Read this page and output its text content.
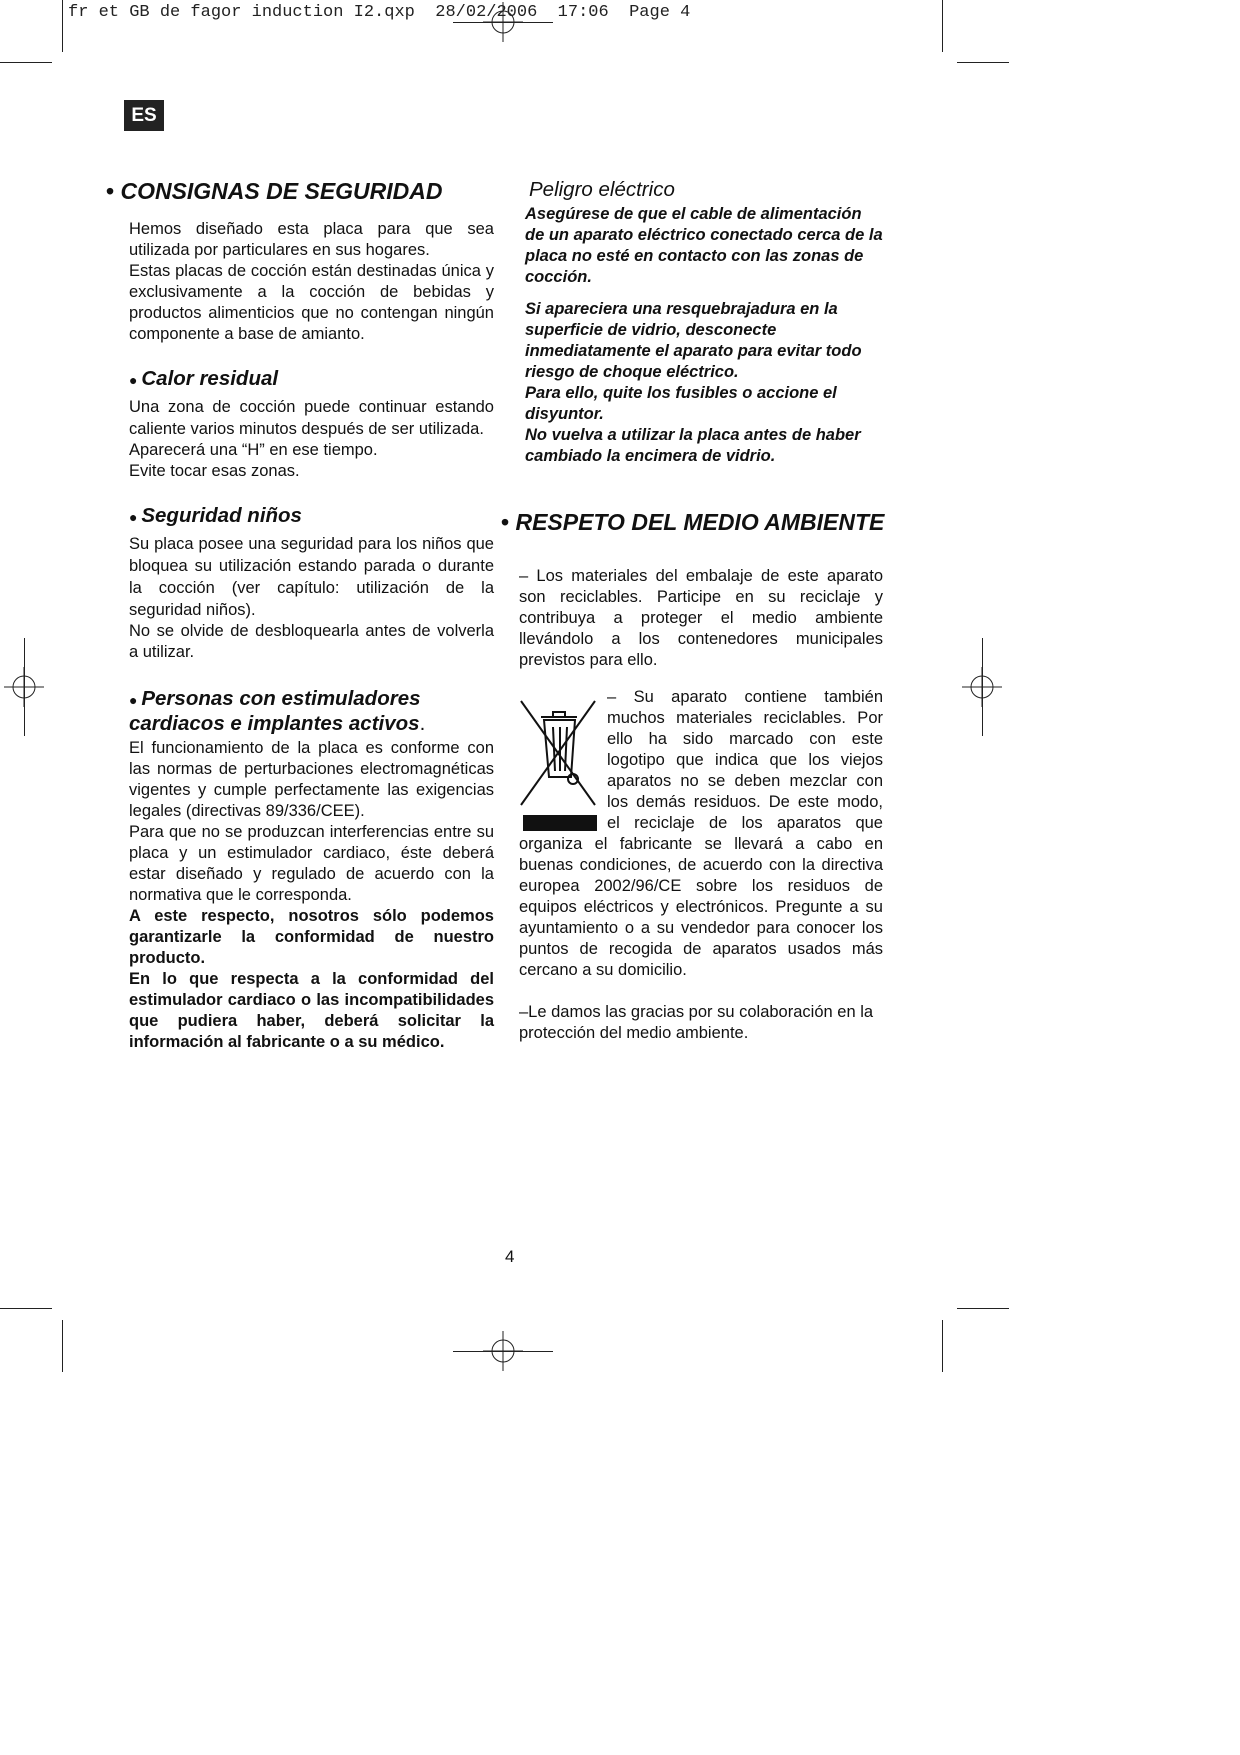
fr et GB de fagor induction I2.qxp  28/02/2006  17:06  Page 4
ES
• CONSIGNAS DE SEGURIDAD

Hemos diseñado esta placa para que sea utilizada por particulares en sus hogares.

Estas placas de cocción están destinadas única y exclusivamente a la cocción de bebidas y productos alimenticios que no contengan ningún componente a base de amianto.

● Calor residual

Una zona de cocción puede continuar estando caliente varios minutos después de ser utilizada.

Aparecerá una “H” en ese tiempo.

Evite tocar esas zonas.

● Seguridad niños

Su placa posee una seguridad para los niños que bloquea su utilización estando parada o durante la cocción (ver capítulo: utilización de la seguridad niños).

No se olvide de desbloquearla antes de volverla a utilizar.

● Personas con estimuladores cardiacos e implantes activos.

El funcionamiento de la placa es conforme con las normas de perturbaciones electromagnéticas vigentes y cumple perfectamente las exigencias legales (directivas 89/336/CEE).

Para que no se produzcan interferencias entre su placa y un estimulador cardiaco, éste deberá estar diseñado y regulado de acuerdo con la normativa que le corresponda.

A este respecto, nosotros sólo podemos garantizarle la conformidad de nuestro producto.

En lo que respecta a la conformidad del estimulador cardiaco o las incompatibilidades que pudiera haber, deberá solicitar la información al fabricante o a su médico.

Peligro eléctrico

Asegúrese de que el cable de alimentación de un aparato eléctrico conectado cerca de la placa no esté en contacto con las zonas de cocción.

Si apareciera una resquebrajadura en la superficie de vidrio, desconecte inmediatamente el aparato para evitar todo riesgo de choque eléctrico.

Para ello, quite los fusibles o accione el disyuntor.

No vuelva a utilizar la placa antes de haber cambiado la encimera de vidrio.

• RESPETO DEL MEDIO AMBIENTE

– Los materiales del embalaje de este aparato son reciclables. Participe en su reciclaje y contribuya a proteger el medio ambiente llevándolo a los contenedores municipales previstos para ello.

– Su aparato contiene también muchos materiales reciclables. Por ello ha sido marcado con este logotipo que indica que los viejos aparatos no se deben mezclar con los demás residuos. De este modo, el reciclaje de los aparatos que organiza el fabricante se llevará a cabo en buenas condiciones, de acuerdo con la directiva europea 2002/96/CE sobre los residuos de equipos eléctricos y electrónicos. Pregunte a su ayuntamiento o a su vendedor para conocer los puntos de recogida de aparatos usados más cercano a su domicilio.

–Le damos las gracias por su colaboración en la protección del medio ambiente.

4
